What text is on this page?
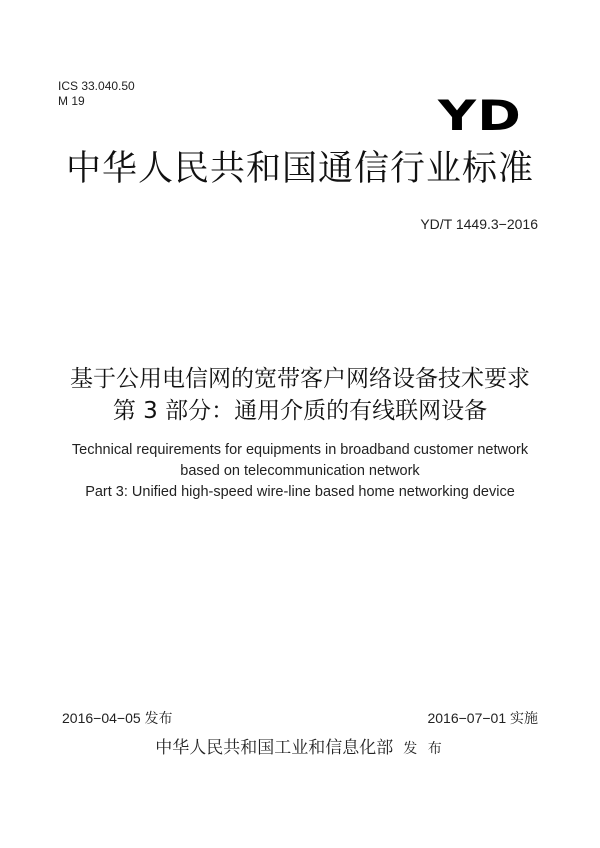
ICS 33.040.50
M 19	YD
中华人民共和国通信行业标准
YD/T 1449.3−2016
基于公用电信网的宽带客户网络设备技术要求
第 3 部分：通用介质的有线联网设备
Technical requirements for equipments in broadband customer network
based on telecommunication network
Part 3: Unified high-speed wire-line based home networking device
2016−04−05 发布	2016−07−01 实施
中华人民共和国工业和信息化部 发 布
